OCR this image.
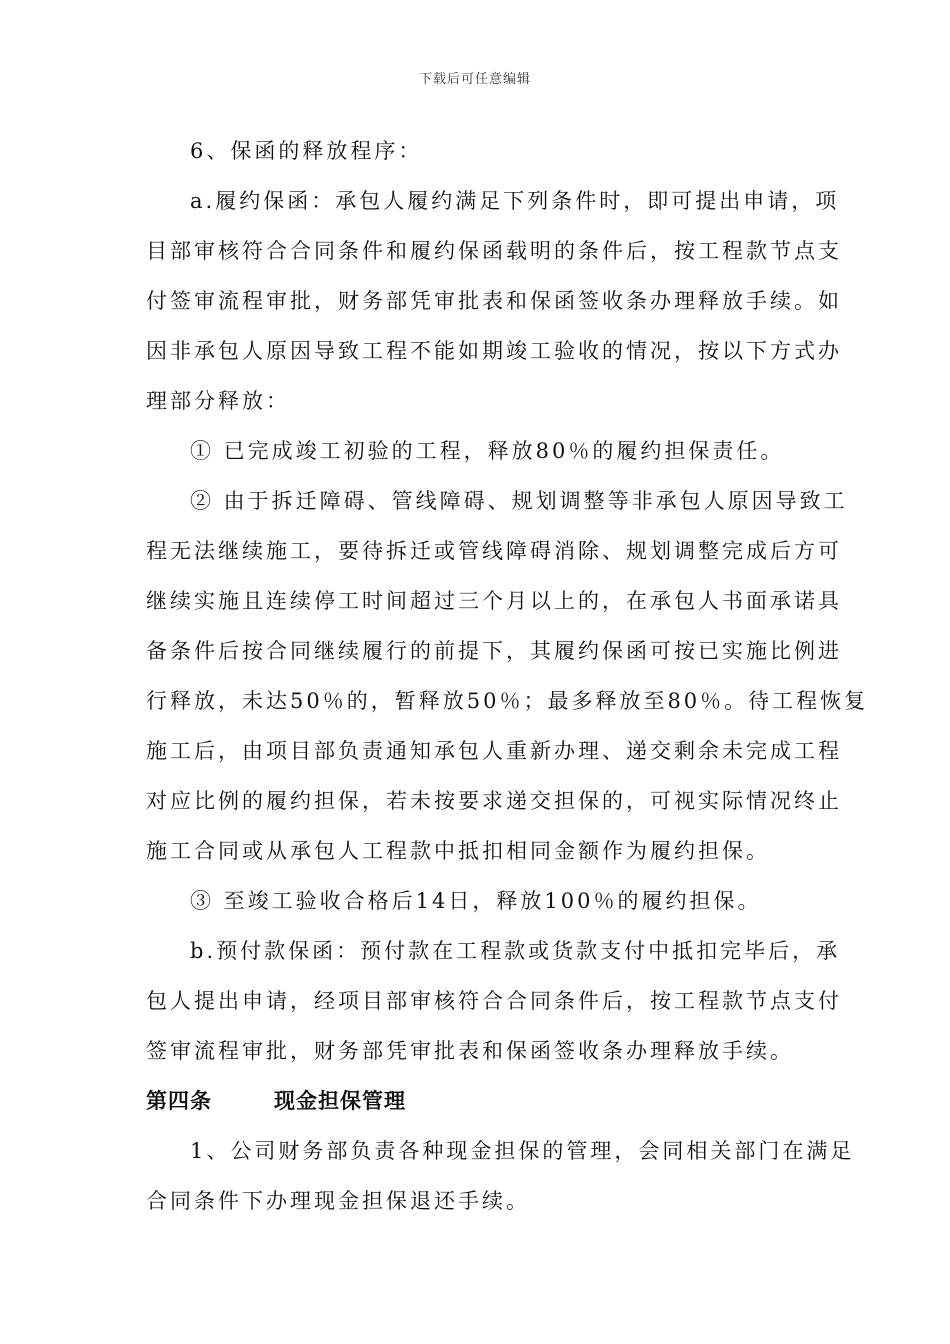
下载后可任意编辑
6、保函的释放程序：
a.履约保函：承包人履约满足下列条件时，即可提出申请，项
目部审核符合合同条件和履约保函载明的条件后，按工程款节点支
付签审流程审批，财务部凭审批表和保函签收条办理释放手续。如
因非承包人原因导致工程不能如期竣工验收的情况，按以下方式办
理部分释放：
① 已完成竣工初验的工程，释放80％的履约担保责任。
② 由于拆迁障碍、管线障碍、规划调整等非承包人原因导致工
程无法继续施工，要待拆迁或管线障碍消除、规划调整完成后方可
继续实施且连续停工时间超过三个月以上的，在承包人书面承诺具
备条件后按合同继续履行的前提下，其履约保函可按已实施比例进
行释放，未达50％的，暂释放50％；最多释放至80％。待工程恢复
施工后，由项目部负责通知承包人重新办理、递交剩余未完成工程
对应比例的履约担保，若未按要求递交担保的，可视实际情况终止
施工合同或从承包人工程款中抵扣相同金额作为履约担保。
③ 至竣工验收合格后14日，释放100％的履约担保。
b.预付款保函：预付款在工程款或货款支付中抵扣完毕后，承
包人提出申请，经项目部审核符合合同条件后，按工程款节点支付
签审流程审批，财务部凭审批表和保函签收条办理释放手续。
第四条	现金担保管理
1、公司财务部负责各种现金担保的管理，会同相关部门在满足
合同条件下办理现金担保退还手续。
